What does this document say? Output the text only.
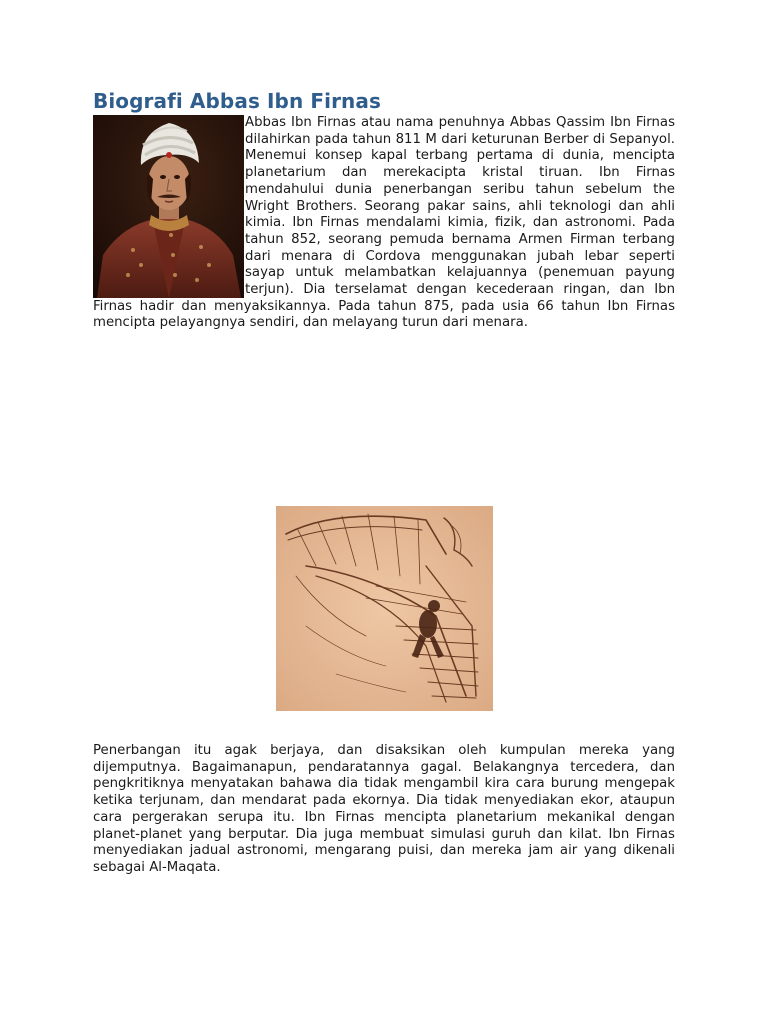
Biografi Abbas Ibn Firnas
Abbas Ibn Firnas atau nama penuhnya Abbas Qassim Ibn Firnas dilahirkan pada tahun 811 M dari keturunan Berber di Sepanyol. Menemui konsep kapal terbang pertama di dunia, mencipta planetarium dan merekacipta kristal tiruan. Ibn Firnas mendahului dunia penerbangan seribu tahun sebelum the Wright Brothers. Seorang pakar sains, ahli teknologi dan ahli kimia. Ibn Firnas mendalami kimia, fizik, dan astronomi. Pada tahun 852, seorang pemuda bernama Armen Firman terbang dari menara di Cordova menggunakan jubah lebar seperti sayap untuk melambatkan kelajuannya (penemuan payung terjun). Dia terselamat dengan kecederaan ringan, dan Ibn Firnas hadir dan menyaksikannya. Pada tahun 875, pada usia 66 tahun Ibn Firnas mencipta pelayangnya sendiri, dan melayang turun dari menara.

Penerbangan itu agak berjaya, dan disaksikan oleh kumpulan mereka yang dijemputnya. Bagaimanapun, pendaratannya gagal. Belakangnya tercedera, dan pengkritiknya menyatakan bahawa dia tidak mengambil kira cara burung mengepak ketika terjunam, dan mendarat pada ekornya. Dia tidak menyediakan ekor, ataupun cara pergerakan serupa itu. Ibn Firnas mencipta planetarium mekanikal dengan planet-planet yang berputar. Dia juga membuat simulasi guruh dan kilat. Ibn Firnas menyediakan jadual astronomi, mengarang puisi, dan mereka jam air yang dikenali sebagai Al-Maqata.
